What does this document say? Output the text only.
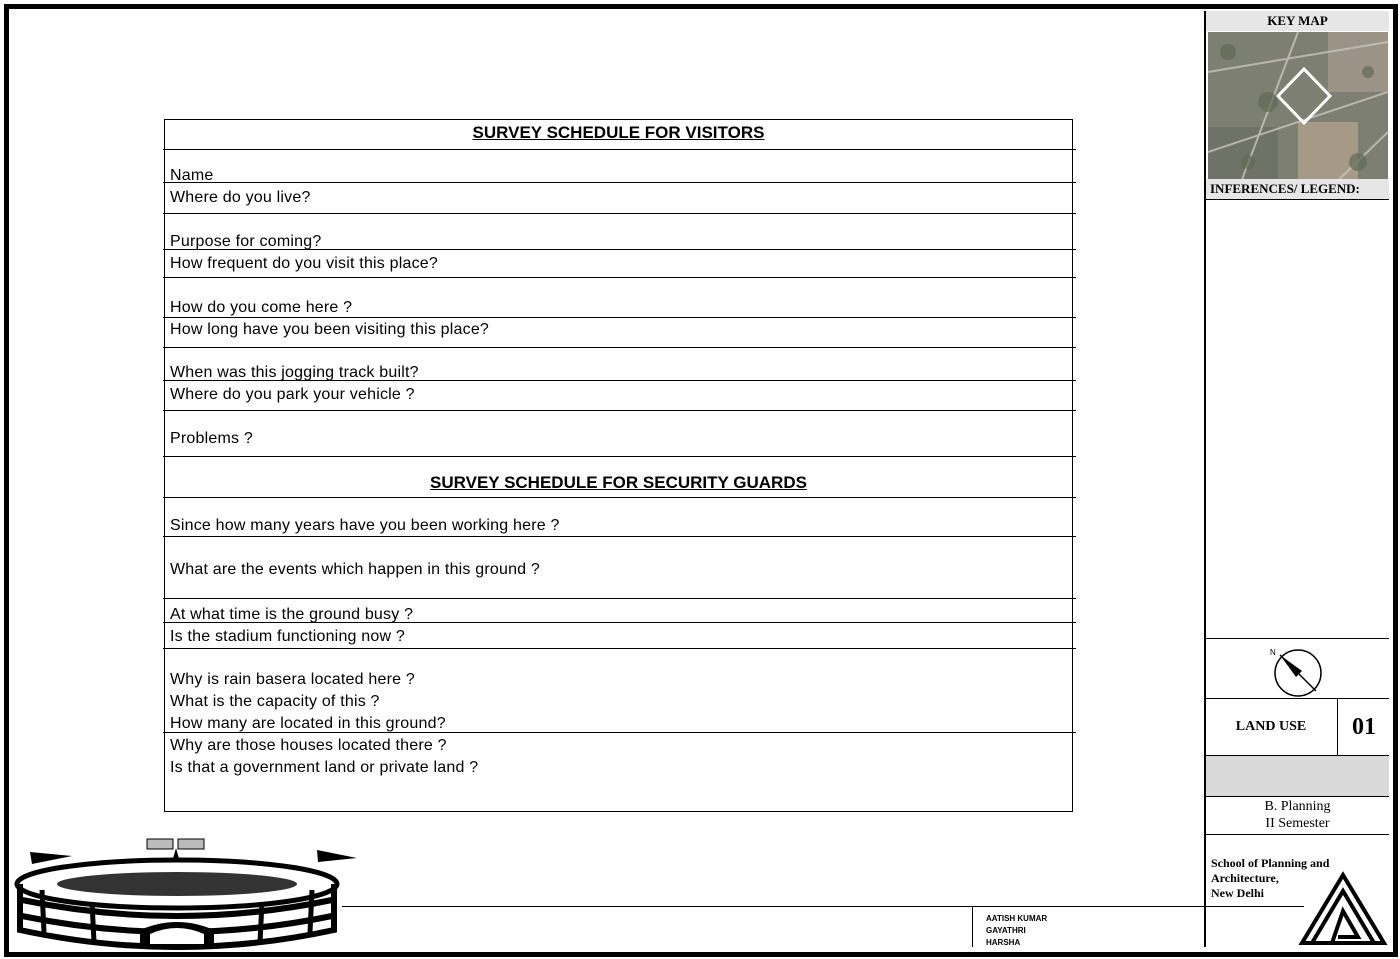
SURVEY SCHEDULE FOR VISITORS
Name
Where do you live?
Purpose for coming?
How frequent do you visit this place?
How do you come here ?
How long have you been visiting this place?
When was this jogging track built?
Where do you park your vehicle ?
Problems ?
SURVEY SCHEDULE FOR SECURITY GUARDS
Since how many years have you been working here ?
What are the events which happen in this ground ?
At what time is the ground busy ?
Is the stadium functioning now ?
Why is rain basera located here ?
What is the capacity of this ?
How many are located in this ground?
Why are those houses located there ?
Is that a government land or private land ?
AATISH KUMAR
GAYATHRI
HARSHA
KEY MAP
INFERENCES/ LEGEND:
N
LAND USE	01
B. Planning
II Semester
School of Planning and
Architecture,
New Delhi
